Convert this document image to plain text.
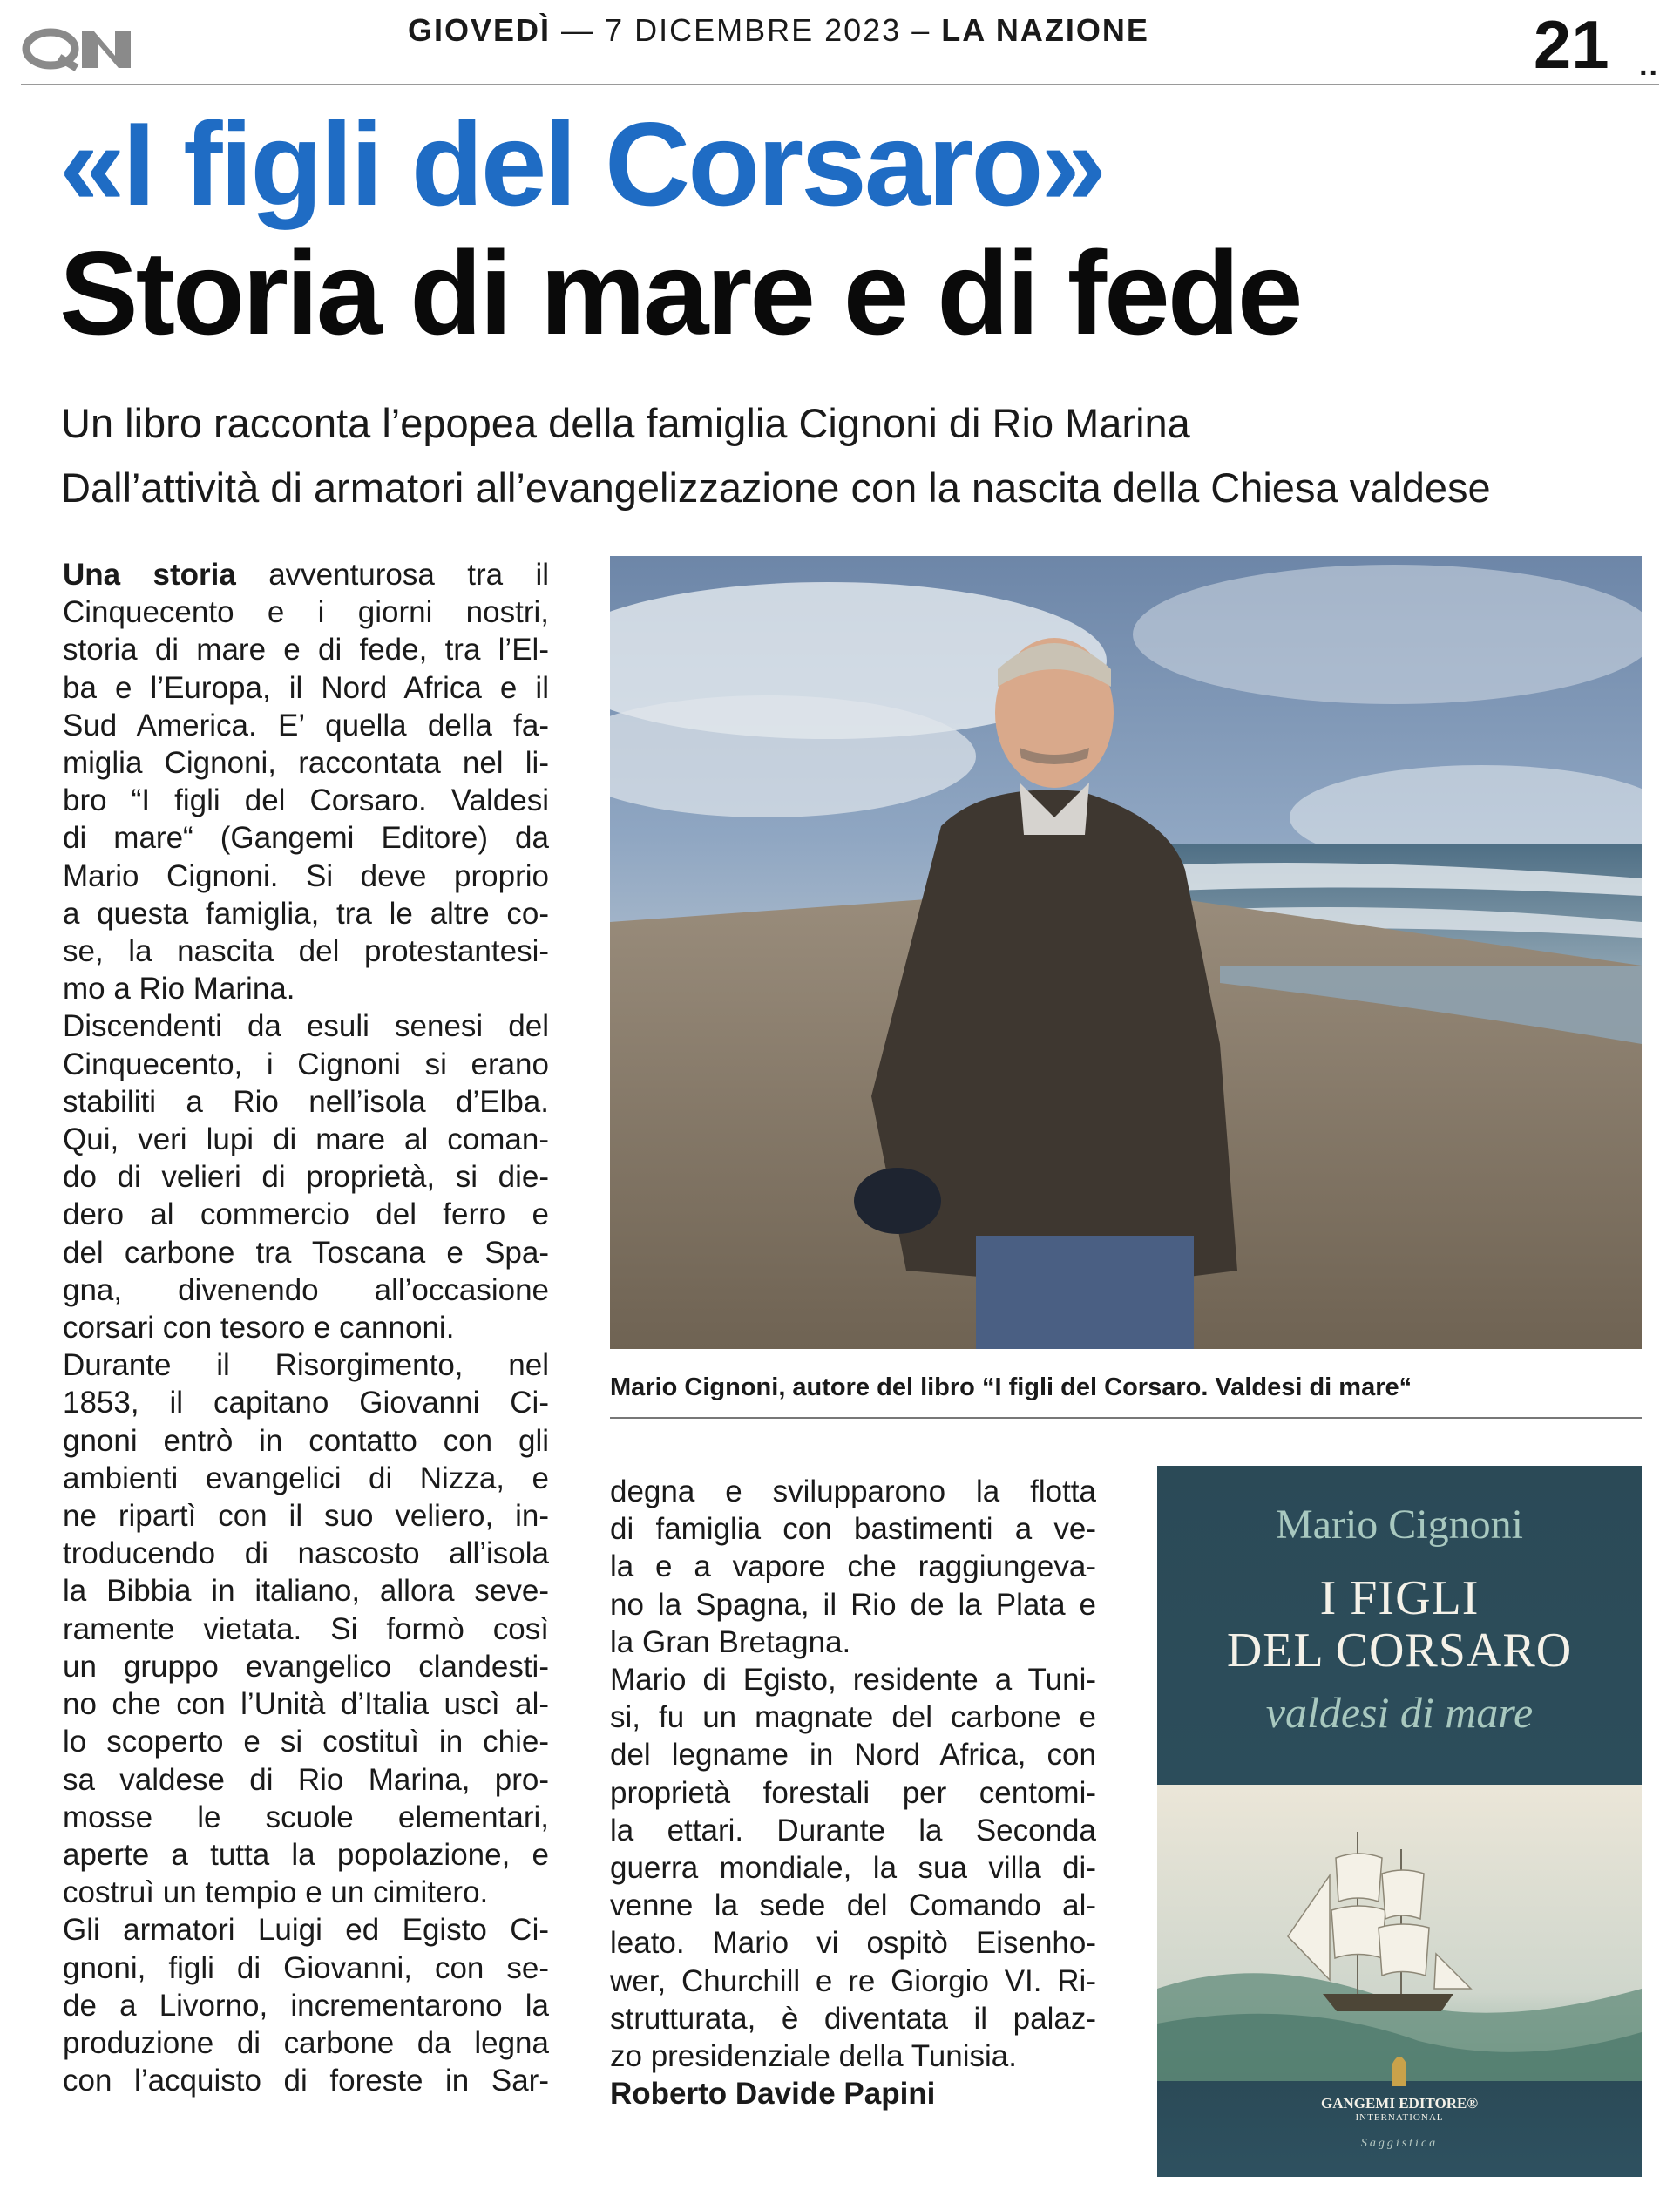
GIOVEDÌ — 7 DICEMBRE 2023 – LA NAZIONE	21	..
«I figli del Corsaro»
Storia di mare e di fede
Un libro racconta l’epopea della famiglia Cignoni di Rio Marina
Dall’attività di armatori all’evangelizzazione con la nascita della Chiesa valdese
Una storia avventurosa tra il
Cinquecento e i giorni nostri,
storia di mare e di fede, tra l’El-
ba e l’Europa, il Nord Africa e il
Sud America. E’ quella della fa-
miglia Cignoni, raccontata nel li-
bro “I figli del Corsaro. Valdesi
di mare“ (Gangemi Editore) da
Mario Cignoni. Si deve proprio
a questa famiglia, tra le altre co-
se, la nascita del protestantesi-
mo a Rio Marina.
Discendenti da esuli senesi del
Cinquecento, i Cignoni si erano
stabiliti a Rio nell’isola d’Elba.
Qui, veri lupi di mare al coman-
do di velieri di proprietà, si die-
dero al commercio del ferro e
del carbone tra Toscana e Spa-
gna, divenendo all’occasione
corsari con tesoro e cannoni.
Durante il Risorgimento, nel
1853, il capitano Giovanni Ci-
gnoni entrò in contatto con gli
ambienti evangelici di Nizza, e
ne ripartì con il suo veliero, in-
troducendo di nascosto all’isola
la Bibbia in italiano, allora seve-
ramente vietata. Si formò così
un gruppo evangelico clandesti-
no che con l’Unità d’Italia uscì al-
lo scoperto e si costituì in chie-
sa valdese di Rio Marina, pro-
mosse le scuole elementari,
aperte a tutta la popolazione, e
costruì un tempio e un cimitero.
Gli armatori Luigi ed Egisto Ci-
gnoni, figli di Giovanni, con se-
de a Livorno, incrementarono la
produzione di carbone da legna
con l’acquisto di foreste in Sar-
Mario Cignoni, autore del libro “I figli del Corsaro. Valdesi di mare“
degna e svilupparono la flotta
di famiglia con bastimenti a ve-
la e a vapore che raggiungeva-
no la Spagna, il Rio de la Plata e
la Gran Bretagna.
Mario di Egisto, residente a Tuni-
si, fu un magnate del carbone e
del legname in Nord Africa, con
proprietà forestali per centomi-
la ettari. Durante la Seconda
guerra mondiale, la sua villa di-
venne la sede del Comando al-
leato. Mario vi ospitò Eisenho-
wer, Churchill e re Giorgio VI. Ri-
strutturata, è diventata il palaz-
zo presidenziale della Tunisia.
Roberto Davide Papini
Mario Cignoni
I FIGLI
DEL CORSARO
valdesi di mare
GANGEMI EDITORE®
INTERNATIONAL
Saggistica
